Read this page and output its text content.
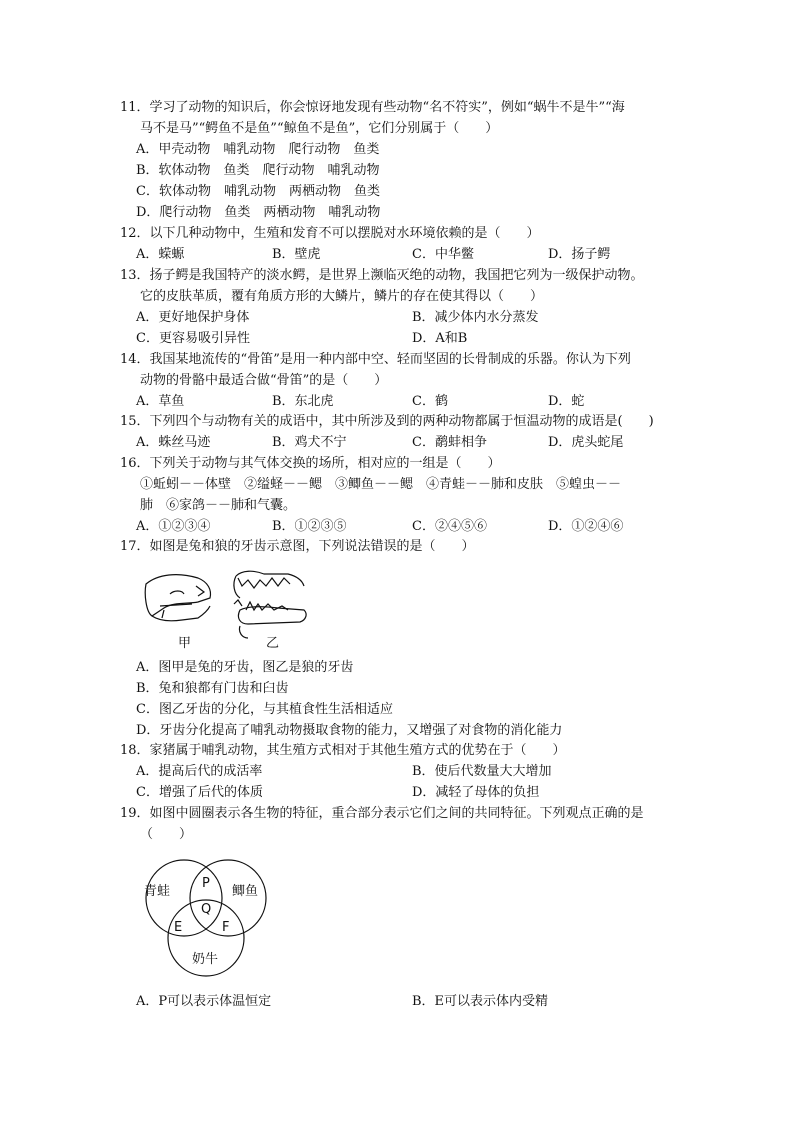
11．学习了动物的知识后，你会惊讶地发现有些动物“名不符实”，例如“蜗牛不是牛”“海
马不是马”“鳄鱼不是鱼”“鲸鱼不是鱼”，它们分别属于（　　）
A．甲壳动物　哺乳动物　爬行动物　鱼类
B．软体动物　鱼类　爬行动物　哺乳动物
C．软体动物　哺乳动物　两栖动物　鱼类
D．爬行动物　鱼类　两栖动物　哺乳动物
12．以下几种动物中，生殖和发育不可以摆脱对水环境依赖的是（　　）
A．蝾螈	B．壁虎	C．中华鳖	D．扬子鳄
13．扬子鳄是我国特产的淡水鳄，是世界上濒临灭绝的动物，我国把它列为一级保护动物。
它的皮肤革质，覆有角质方形的大鳞片，鳞片的存在使其得以（　　）
A．更好地保护身体	B．减少体内水分蒸发
C．更容易吸引异性	D．A和B
14．我国某地流传的“骨笛”是用一种内部中空、轻而坚固的长骨制成的乐器。你认为下列
动物的骨骼中最适合做“骨笛”的是（　　）
A．草鱼	B．东北虎	C．鹤	D．蛇
15．下列四个与动物有关的成语中，其中所涉及到的两种动物都属于恒温动物的成语是(　　)
A．蛛丝马迹	B．鸡犬不宁	C．鹬蚌相争	D．虎头蛇尾
16．下列关于动物与其气体交换的场所，相对应的一组是（　　）
①蚯蚓－－体壁　②缢蛏－－鳃　③鲫鱼－－鳃　④青蛙－－肺和皮肤　⑤蝗虫－－
肺　⑥家鸽－－肺和气囊。
A．①②③④	B．①②③⑤	C．②④⑤⑥	D．①②④⑥
17．如图是兔和狼的牙齿示意图，下列说法错误的是（　　）
甲	乙
A．图甲是兔的牙齿，图乙是狼的牙齿
B．兔和狼都有门齿和臼齿
C．图乙牙齿的分化，与其植食性生活相适应
D．牙齿分化提高了哺乳动物摄取食物的能力，又增强了对食物的消化能力
18．家猪属于哺乳动物，其生殖方式相对于其他生殖方式的优势在于（　　）
A．提高后代的成活率	B．使后代数量大大增加
C．增强了后代的体质	D．减轻了母体的负担
19．如图中圆圈表示各生物的特征，重合部分表示它们之间的共同特征。下列观点正确的是
（　　）
青蛙	鲫鱼
奶牛
P
Q
E	F
A．P可以表示体温恒定	B．E可以表示体内受精
